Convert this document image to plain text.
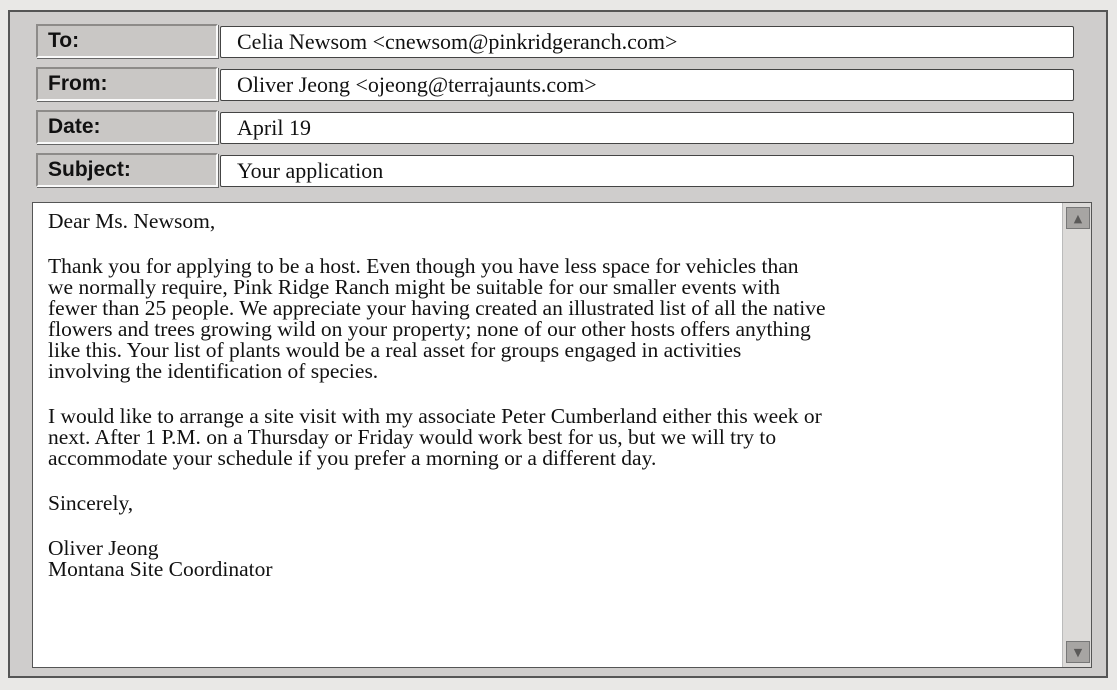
To:	Celia Newsom <cnewsom@pinkridgeranch.com>
From:	Oliver Jeong <ojeong@terrajaunts.com>
Date:	April 19
Subject:	Your application

Dear Ms. Newsom,

Thank you for applying to be a host. Even though you have less space for vehicles than
we normally require, Pink Ridge Ranch might be suitable for our smaller events with
fewer than 25 people. We appreciate your having created an illustrated list of all the native
flowers and trees growing wild on your property; none of our other hosts offers anything
like this. Your list of plants would be a real asset for groups engaged in activities
involving the identification of species.

I would like to arrange a site visit with my associate Peter Cumberland either this week or
next. After 1 P.M. on a Thursday or Friday would work best for us, but we will try to
accommodate your schedule if you prefer a morning or a different day.

Sincerely,

Oliver Jeong
Montana Site Coordinator

▲
▼
